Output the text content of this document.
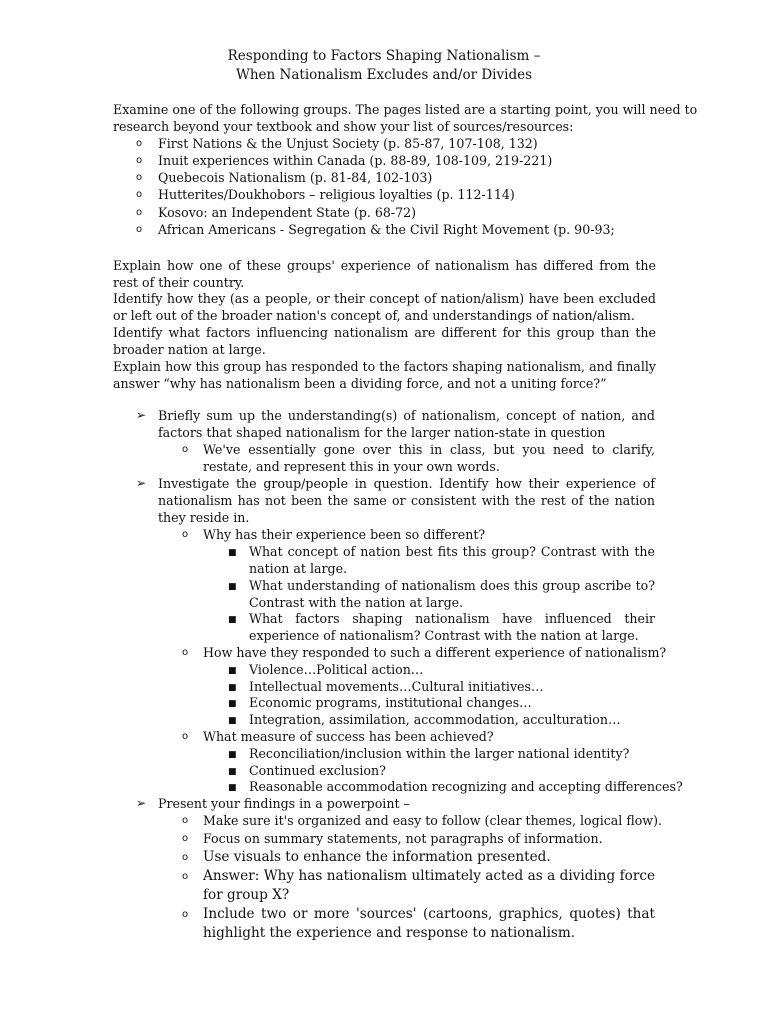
Responding to Factors Shaping Nationalism –
When Nationalism Excludes and/or Divides
Examine one of the following groups. The pages listed are a starting point, you will need to
research beyond your textbook and show your list of sources/resources:
o First Nations & the Unjust Society (p. 85-87, 107-108, 132)
o Inuit experiences within Canada (p. 88-89, 108-109, 219-221)
o Quebecois Nationalism (p. 81-84, 102-103)
o Hutterites/Doukhobors – religious loyalties (p. 112-114)
o Kosovo: an Independent State (p. 68-72)
o African Americans - Segregation & the Civil Right Movement (p. 90-93;
Explain how one of these groups' experience of nationalism has differed from the rest of their country.
Identify how they (as a people, or their concept of nation/alism) have been excluded or left out of the broader nation's concept of, and understandings of nation/alism.
Identify what factors influencing nationalism are different for this group than the broader nation at large.
Explain how this group has responded to the factors shaping nationalism, and finally answer “why has nationalism been a dividing force, and not a uniting force?”
➢ Briefly sum up the understanding(s) of nationalism, concept of nation, and factors that shaped nationalism for the larger nation-state in question
o We've essentially gone over this in class, but you need to clarify, restate, and represent this in your own words.
➢ Investigate the group/people in question. Identify how their experience of nationalism has not been the same or consistent with the rest of the nation they reside in.
o Why has their experience been so different?
■ What concept of nation best fits this group? Contrast with the nation at large.
■ What understanding of nationalism does this group ascribe to? Contrast with the nation at large.
■ What factors shaping nationalism have influenced their experience of nationalism? Contrast with the nation at large.
o How have they responded to such a different experience of nationalism?
■ Violence…Political action…
■ Intellectual movements…Cultural initiatives…
■ Economic programs, institutional changes…
■ Integration, assimilation, accommodation, acculturation…
o What measure of success has been achieved?
■ Reconciliation/inclusion within the larger national identity?
■ Continued exclusion?
■ Reasonable accommodation recognizing and accepting differences?
➢ Present your findings in a powerpoint –
o Make sure it's organized and easy to follow (clear themes, logical flow).
o Focus on summary statements, not paragraphs of information.
o Use visuals to enhance the information presented.
o Answer: Why has nationalism ultimately acted as a dividing force for group X?
o Include two or more 'sources' (cartoons, graphics, quotes) that highlight the experience and response to nationalism.
